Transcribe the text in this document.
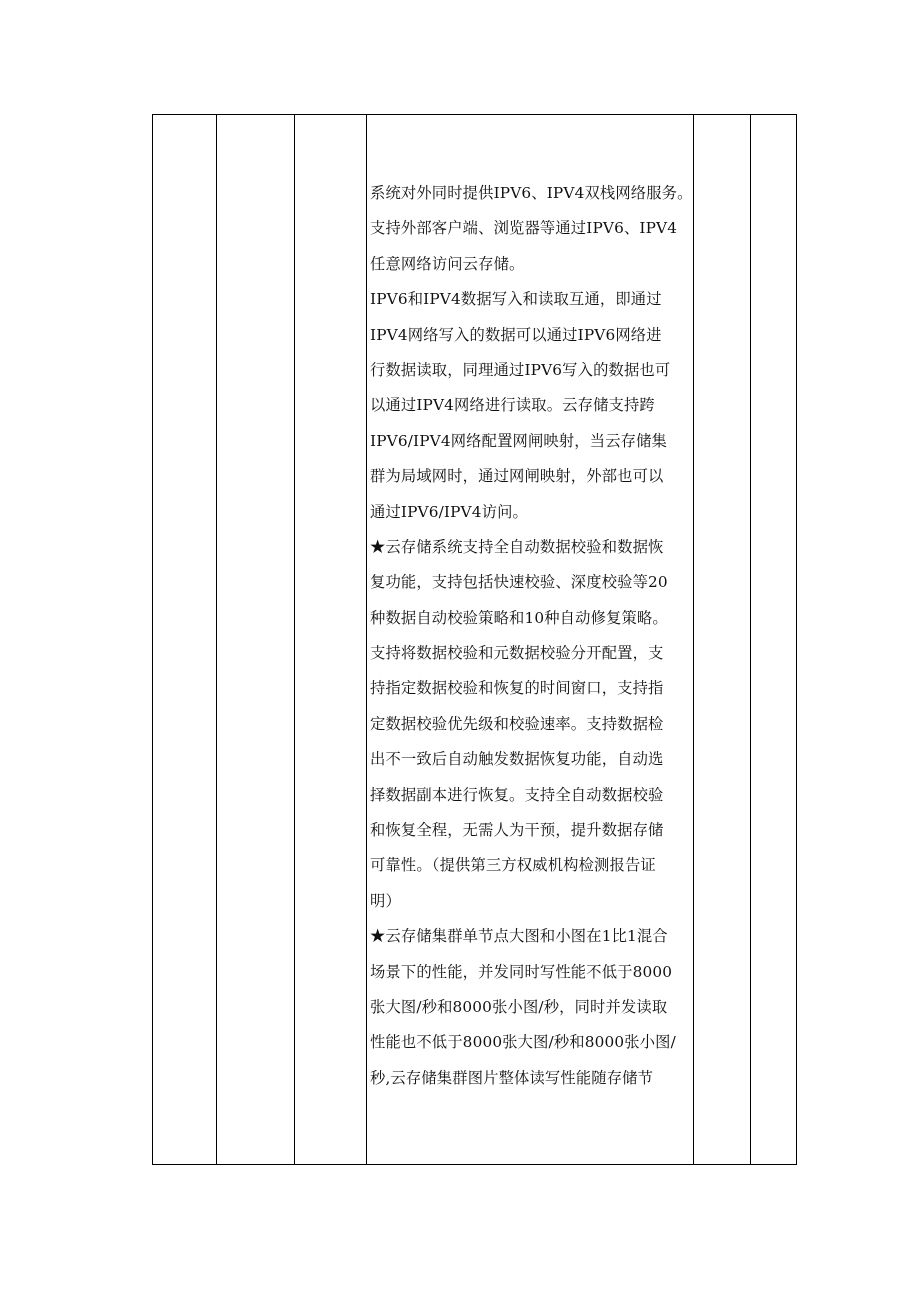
系统对外同时提供IPV6、IPV4双栈网络服务。
支持外部客户端、浏览器等通过IPV6、IPV4
任意网络访问云存储。
IPV6和IPV4数据写入和读取互通，即通过
IPV4网络写入的数据可以通过IPV6网络进
行数据读取，同理通过IPV6写入的数据也可
以通过IPV4网络进行读取。云存储支持跨
IPV6/IPV4网络配置网闸映射，当云存储集
群为局域网时，通过网闸映射，外部也可以
通过IPV6/IPV4访问。
★云存储系统支持全自动数据校验和数据恢
复功能，支持包括快速校验、深度校验等20
种数据自动校验策略和10种自动修复策略。
支持将数据校验和元数据校验分开配置，支
持指定数据校验和恢复的时间窗口，支持指
定数据校验优先级和校验速率。支持数据检
出不一致后自动触发数据恢复功能，自动选
择数据副本进行恢复。支持全自动数据校验
和恢复全程，无需人为干预，提升数据存储
可靠性。（提供第三方权威机构检测报告证
明）
★云存储集群单节点大图和小图在1比1混合
场景下的性能，并发同时写性能不低于8000
张大图/秒和8000张小图/秒，同时并发读取
性能也不低于8000张大图/秒和8000张小图/
秒,云存储集群图片整体读写性能随存储节
